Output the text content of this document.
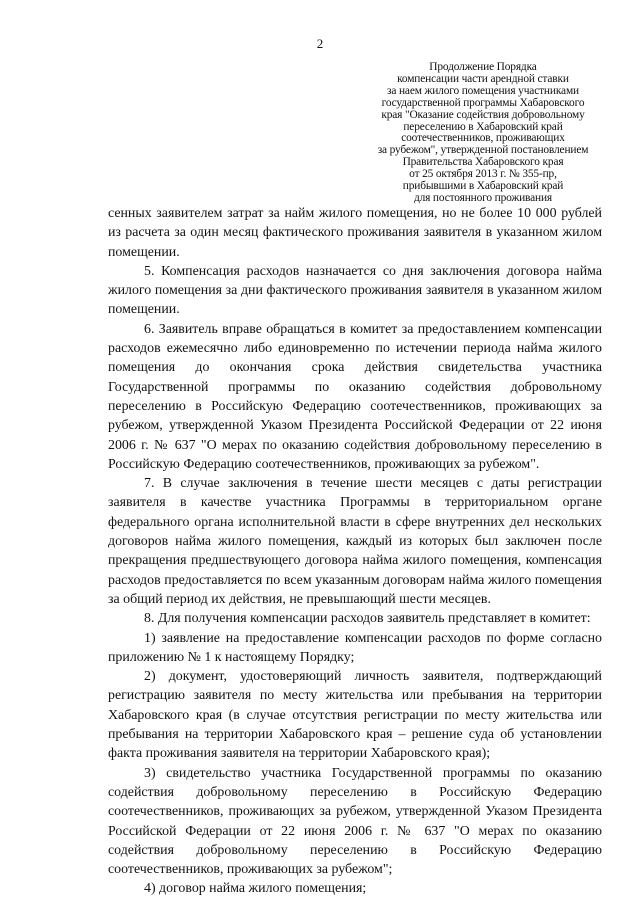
2
Продолжение Порядка
компенсации части арендной ставки
за наем жилого помещения участниками
государственной программы Хабаровского
края "Оказание содействия добровольному
переселению в Хабаровский край
соотечественников, проживающих
за рубежом", утвержденной постановлением
Правительства Хабаровского края
от 25 октября 2013 г. № 355-пр,
прибывшими в Хабаровский край
для постоянного проживания

сенных заявителем затрат за найм жилого помещения, но не более 10 000 рублей из расчета за один месяц фактического проживания заявителя в указанном жилом помещении.

5. Компенсация расходов назначается со дня заключения договора найма жилого помещения за дни фактического проживания заявителя в указанном жилом помещении.

6. Заявитель вправе обращаться в комитет за предоставлением компенсации расходов ежемесячно либо единовременно по истечении периода найма жилого помещения до окончания срока действия свидетельства участника Государственной программы по оказанию содействия добровольному переселению в Российскую Федерацию соотечественников, проживающих за рубежом, утвержденной Указом Президента Российской Федерации от 22 июня 2006 г. № 637 "О мерах по оказанию содействия добровольному переселению в Российскую Федерацию соотечественников, проживающих за рубежом".

7. В случае заключения в течение шести месяцев с даты регистрации заявителя в качестве участника Программы в территориальном органе федерального органа исполнительной власти в сфере внутренних дел нескольких договоров найма жилого помещения, каждый из которых был заключен после прекращения предшествующего договора найма жилого помещения, компенсация расходов предоставляется по всем указанным договорам найма жилого помещения за общий период их действия, не превышающий шести месяцев.

8. Для получения компенсации расходов заявитель представляет в комитет:

1) заявление на предоставление компенсации расходов по форме согласно приложению № 1 к настоящему Порядку;

2) документ, удостоверяющий личность заявителя, подтверждающий регистрацию заявителя по месту жительства или пребывания на территории Хабаровского края (в случае отсутствия регистрации по месту жительства или пребывания на территории Хабаровского края – решение суда об установлении факта проживания заявителя на территории Хабаровского края);

3) свидетельство участника Государственной программы по оказанию содействия добровольному переселению в Российскую Федерацию соотечественников, проживающих за рубежом, утвержденной Указом Президента Российской Федерации от 22 июня 2006 г. № 637 "О мерах по оказанию содействия добровольному переселению в Российскую Федерацию соотечественников, проживающих за рубежом";

4) договор найма жилого помещения;
